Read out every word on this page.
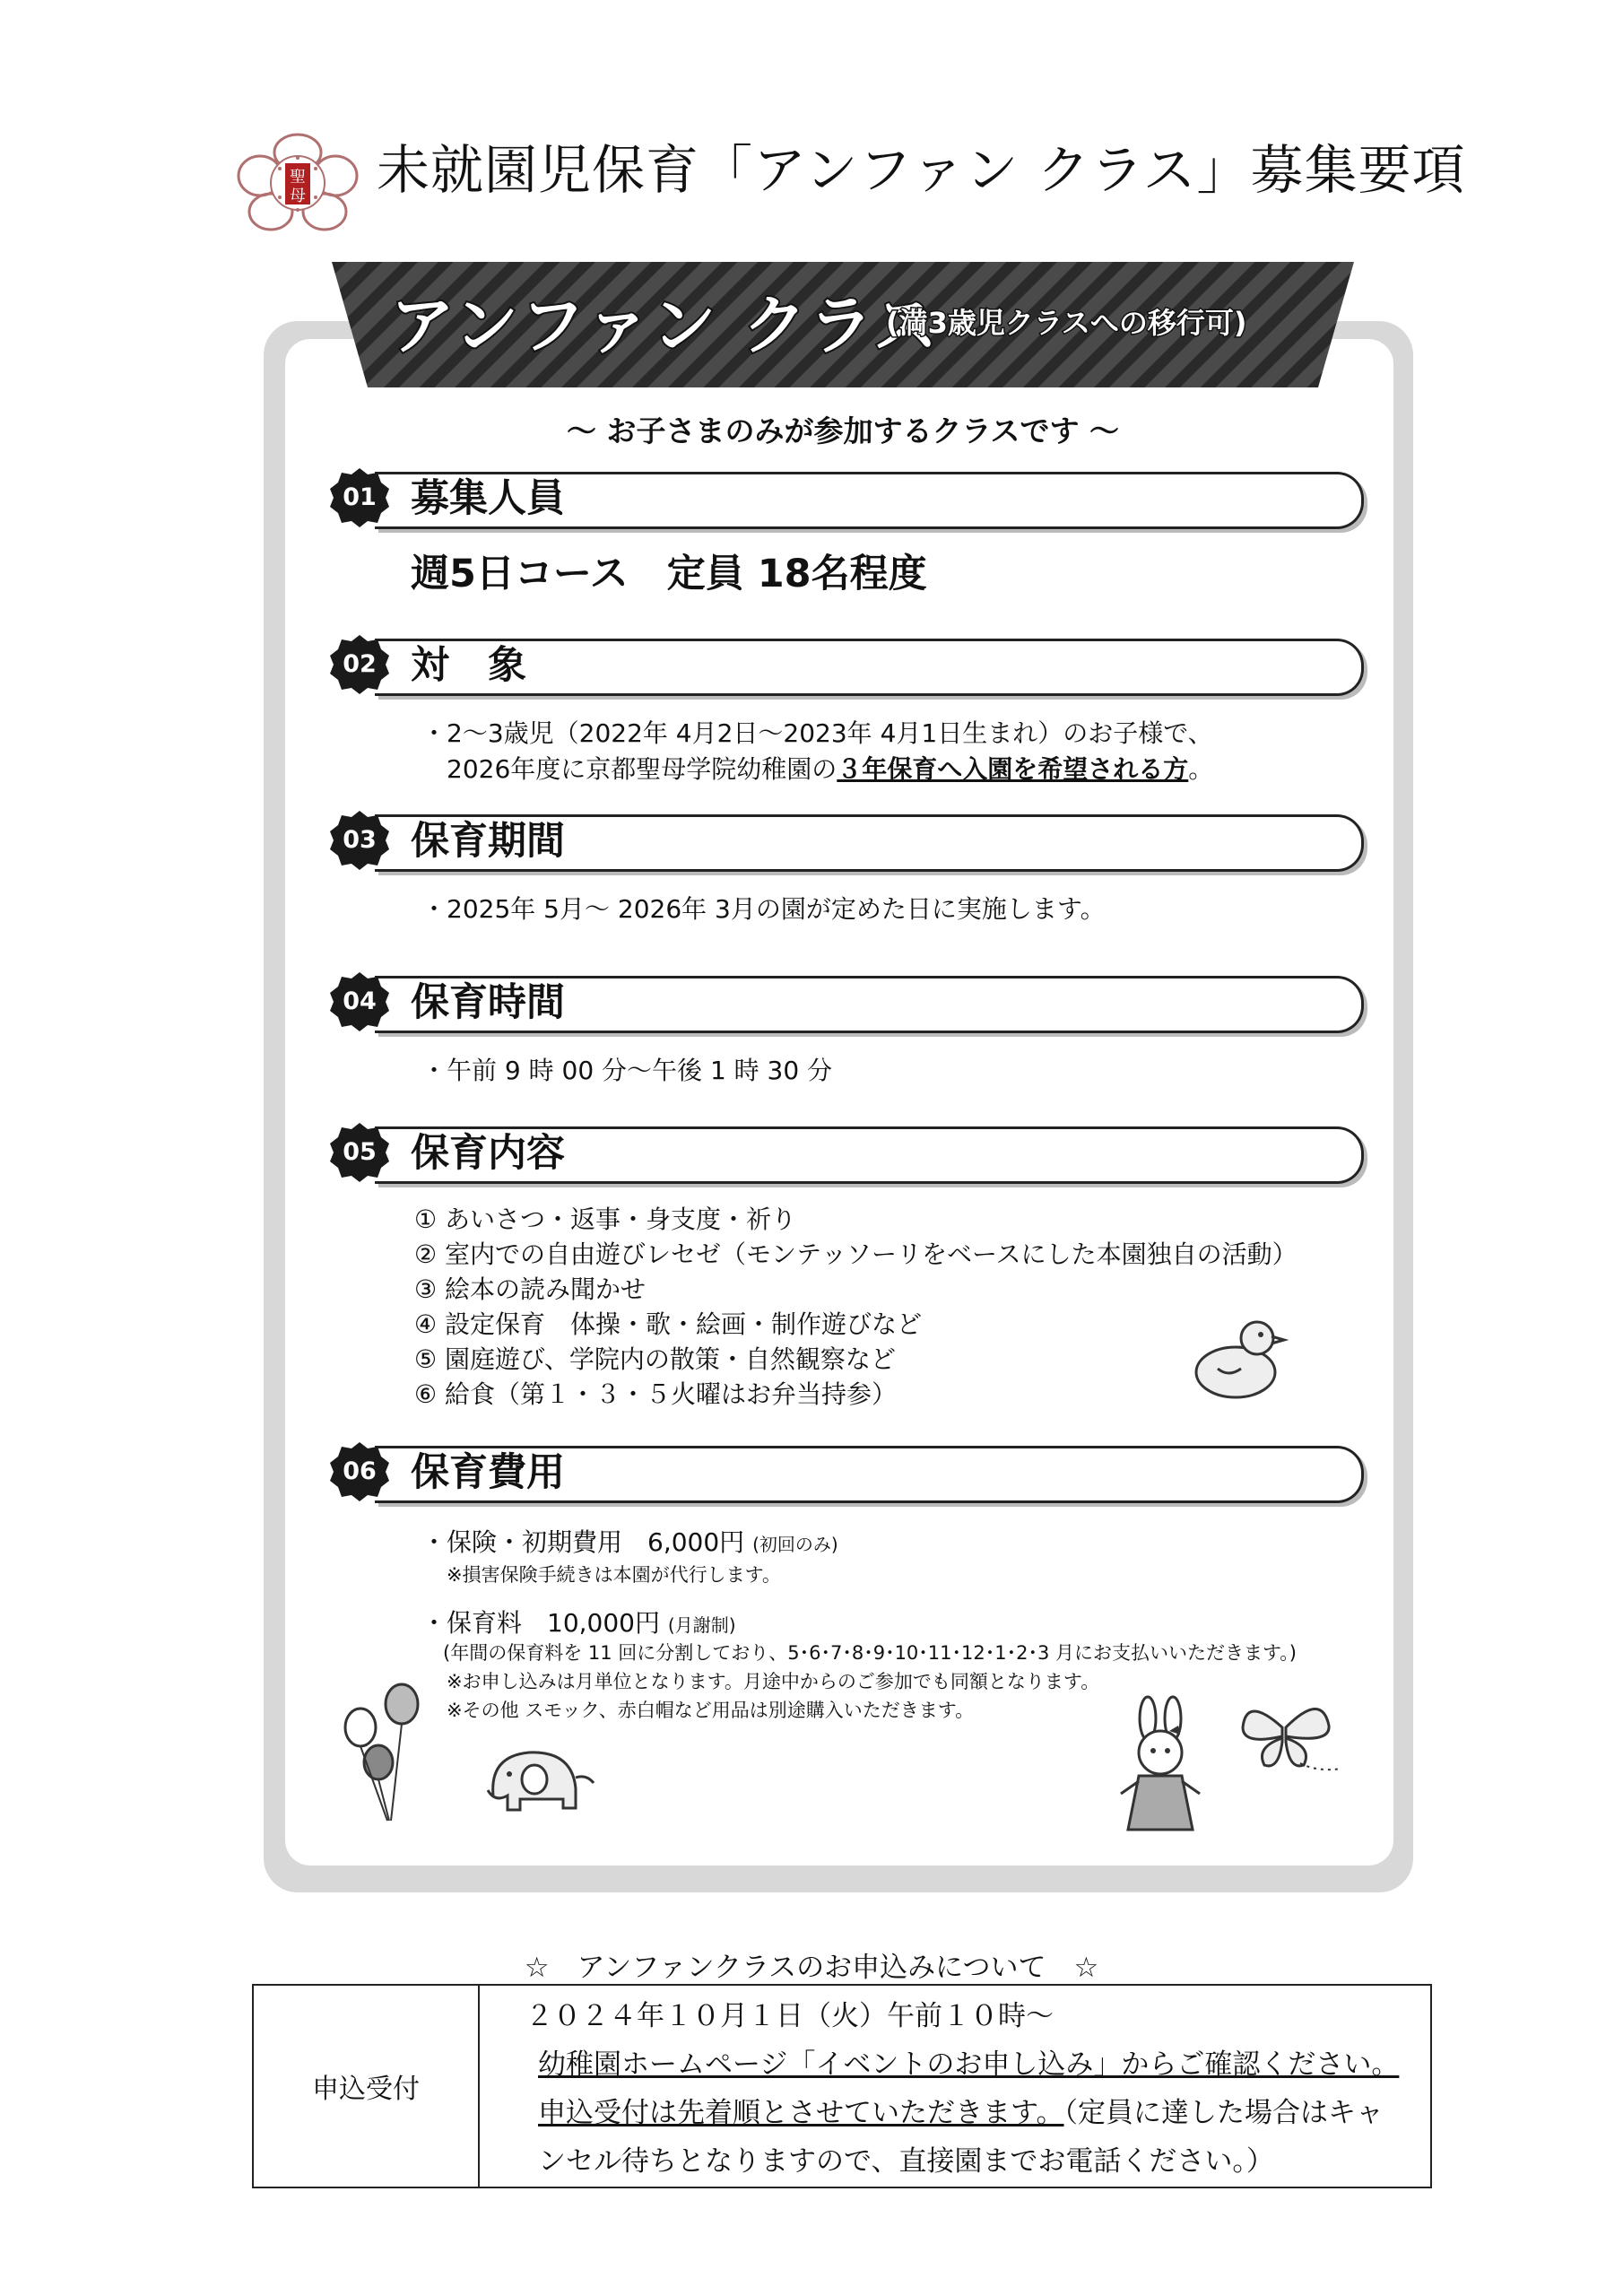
聖
母 未就園児保育「アンファン クラス」募集要項
アンファン クラス
(満3歳児クラスへの移行可)
～ お子さまのみが参加するクラスです ～
01 募集人員
週5日コース　定員 18名程度
02 対　象
・2～3歳児（2022年 4月2日～2023年 4月1日生まれ）のお子様で、
2026年度に京都聖母学院幼稚園の３年保育へ入園を希望される方。
03 保育期間
・2025年 5月～ 2026年 3月の園が定めた日に実施します。
04 保育時間
・午前 9 時 00 分～午後 1 時 30 分
05 保育内容
① あいさつ・返事・身支度・祈り
② 室内での自由遊びレセゼ（モンテッソーリをベースにした本園独自の活動）
③ 絵本の読み聞かせ
④ 設定保育　体操・歌・絵画・制作遊びなど
⑤ 園庭遊び、学院内の散策・自然観察など
⑥ 給食（第１・３・５火曜はお弁当持参）
06 保育費用
・保険・初期費用　6,000円 (初回のみ)
※損害保険手続きは本園が代行します。
・保育料　10,000円 (月謝制)
(年間の保育料を 11 回に分割しており、5･6･7･8･9･10･11･12･1･2･3 月にお支払いいただきます。)
※お申し込みは月単位となります。月途中からのご参加でも同額となります。
※その他 スモック、赤白帽など用品は別途購入いただきます。
☆　アンファンクラスのお申込みについて　☆
申込受付
２０２４年１０月１日（火）午前１０時～
幼稚園ホームページ「イベントのお申し込み」からご確認ください。
申込受付は先着順とさせていただきます。（定員に達した場合はキャ
ンセル待ちとなりますので、直接園までお電話ください。）
